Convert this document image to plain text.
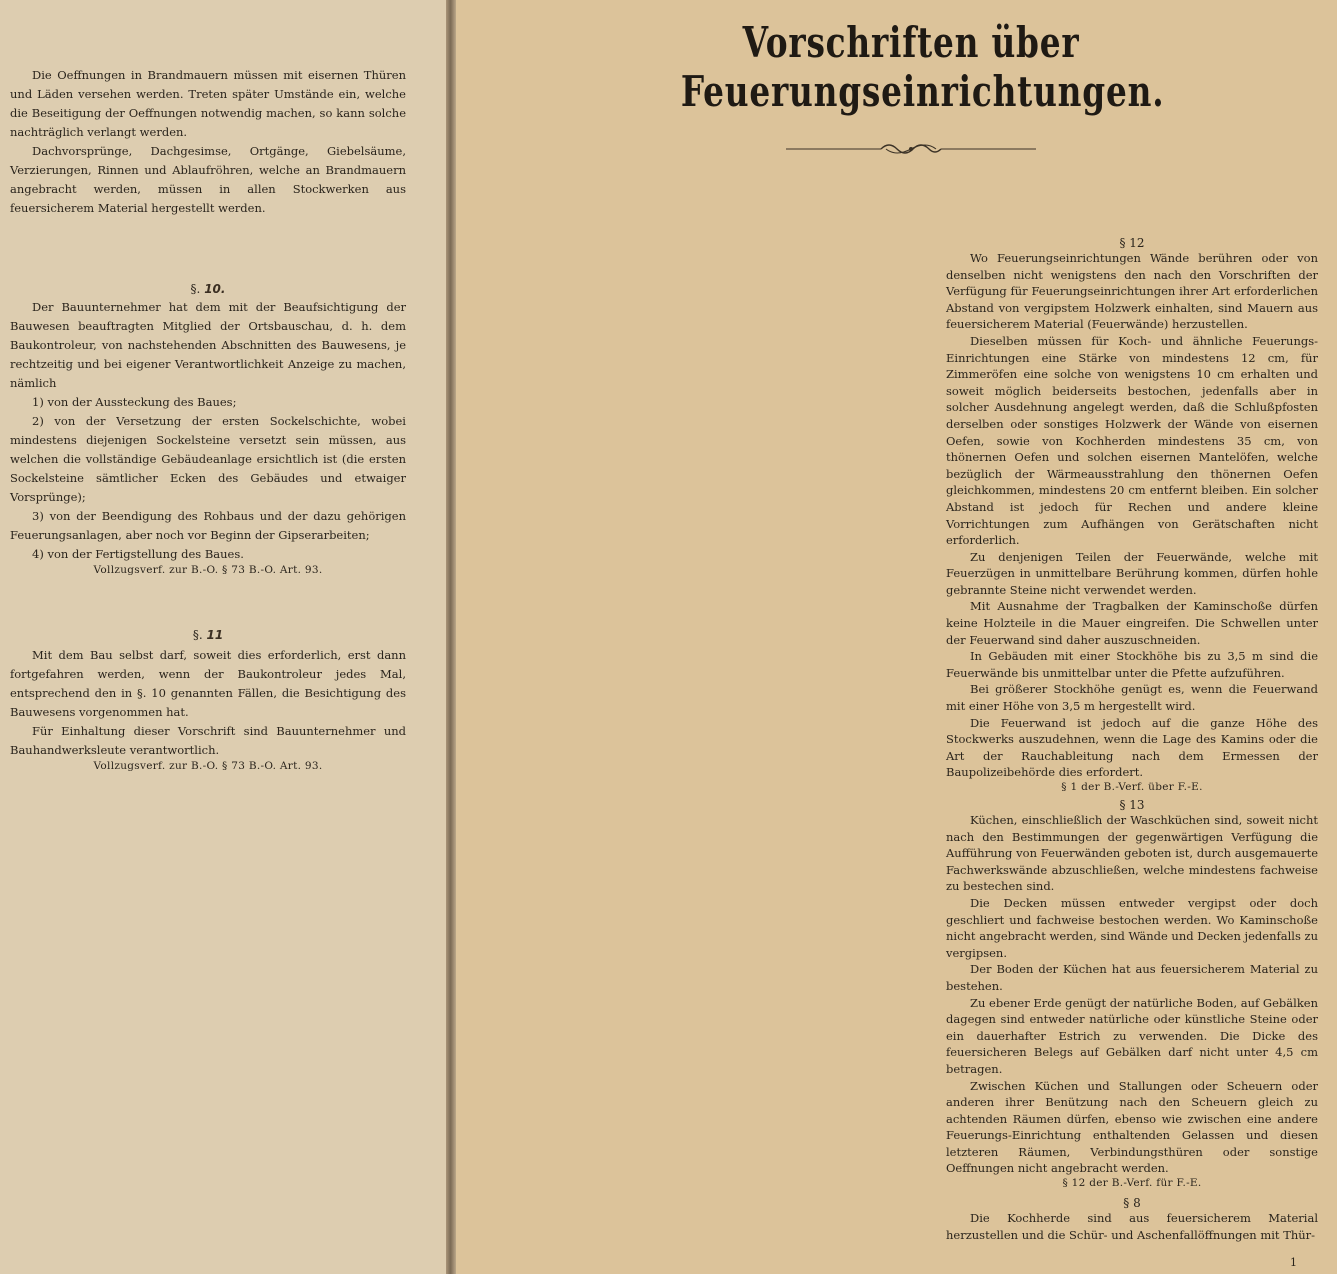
Die Oeffnungen in Brandmauern müssen mit eisernen Thüren und Läden versehen werden. Treten später Umstände ein, welche die Beseitigung der Oeffnungen notwendig machen, so kann solche nachträglich verlangt werden.

Dachvorsprünge, Dachgesimse, Ortgänge, Giebelsäume, Verzierungen, Rinnen und Ablaufröhren, welche an Brandmauern angebracht werden, müssen in allen Stockwerken aus feuersicherem Material hergestellt werden.

§. 10.

Der Bauunternehmer hat dem mit der Beaufsichtigung der Bauwesen beauftragten Mitglied der Ortsbauschau, d. h. dem Baukontroleur, von nachstehenden Abschnitten des Bauwesens, je rechtzeitig und bei eigener Verantwortlichkeit Anzeige zu machen, nämlich

1) von der Aussteckung des Baues;

2) von der Versetzung der ersten Sockelschichte, wobei mindestens diejenigen Sockelsteine versetzt sein müssen, aus welchen die vollständige Gebäudeanlage ersichtlich ist (die ersten Sockelsteine sämtlicher Ecken des Gebäudes und etwaiger Vorsprünge);

3) von der Beendigung des Rohbaus und der dazu gehörigen Feuerungsanlagen, aber noch vor Beginn der Gipserarbeiten;

4) von der Fertigstellung des Baues.

Vollzugsverf. zur B.-O. § 73 B.-O. Art. 93.

§. 11

Mit dem Bau selbst darf, soweit dies erforderlich, erst dann fortgefahren werden, wenn der Baukontroleur jedes Mal, entsprechend den in §. 10 genannten Fällen, die Besichtigung des Bauwesens vorgenommen hat.

Für Einhaltung dieser Vorschrift sind Bauunternehmer und Bauhandwerksleute verantwortlich.

Vollzugsverf. zur B.-O. § 73 B.-O. Art. 93.

Vorschriften über Feuerungseinrichtungen.

§ 12

Wo Feuerungseinrichtungen Wände berühren oder von denselben nicht wenigstens den nach den Vorschriften der Verfügung für Feuerungseinrichtungen ihrer Art erforderlichen Abstand von vergipstem Holzwerk einhalten, sind Mauern aus feuersicherem Material (Feuerwände) herzustellen.

Dieselben müssen für Koch- und ähnliche Feuerungs-Einrichtungen eine Stärke von mindestens 12 cm, für Zimmeröfen eine solche von wenigstens 10 cm erhalten und soweit möglich beiderseits bestochen, jedenfalls aber in solcher Ausdehnung angelegt werden, daß die Schlußpfosten derselben oder sonstiges Holzwerk der Wände von eisernen Oefen, sowie von Kochherden mindestens 35 cm, von thönernen Oefen und solchen eisernen Mantelöfen, welche bezüglich der Wärmeausstrahlung den thönernen Oefen gleichkommen, mindestens 20 cm entfernt bleiben. Ein solcher Abstand ist jedoch für Rechen und andere kleine Vorrichtungen zum Aufhängen von Gerätschaften nicht erforderlich.

Zu denjenigen Teilen der Feuerwände, welche mit Feuerzügen in unmittelbare Berührung kommen, dürfen hohle gebrannte Steine nicht verwendet werden.

Mit Ausnahme der Tragbalken der Kaminschoße dürfen keine Holzteile in die Mauer eingreifen. Die Schwellen unter der Feuerwand sind daher auszuschneiden.

In Gebäuden mit einer Stockhöhe bis zu 3,5 m sind die Feuerwände bis unmittelbar unter die Pfette aufzuführen.

Bei größerer Stockhöhe genügt es, wenn die Feuerwand mit einer Höhe von 3,5 m hergestellt wird.

Die Feuerwand ist jedoch auf die ganze Höhe des Stockwerks auszudehnen, wenn die Lage des Kamins oder die Art der Rauchableitung nach dem Ermessen der Baupolizeibehörde dies erfordert.

§ 1 der B.-Verf. über F.-E.

§ 13

Küchen, einschließlich der Waschküchen sind, soweit nicht nach den Bestimmungen der gegenwärtigen Verfügung die Aufführung von Feuerwänden geboten ist, durch ausgemauerte Fachwerkswände abzuschließen, welche mindestens fachweise zu bestechen sind.

Die Decken müssen entweder vergipst oder doch geschliert und fachweise bestochen werden. Wo Kaminschoße nicht angebracht werden, sind Wände und Decken jedenfalls zu vergipsen.

Der Boden der Küchen hat aus feuersicherem Material zu bestehen.

Zu ebener Erde genügt der natürliche Boden, auf Gebälken dagegen sind entweder natürliche oder künstliche Steine oder ein dauerhafter Estrich zu verwenden. Die Dicke des feuersicheren Belegs auf Gebälken darf nicht unter 4,5 cm betragen.

Zwischen Küchen und Stallungen oder Scheuern oder anderen ihrer Benützung nach den Scheuern gleich zu achtenden Räumen dürfen, ebenso wie zwischen eine andere Feuerungs-Einrichtung enthaltenden Gelassen und diesen letzteren Räumen, Verbindungsthüren oder sonstige Oeffnungen nicht angebracht werden.

§ 12 der B.-Verf. für F.-E.

§ 8

Die Kochherde sind aus feuersicherem Material herzustellen und die Schür- und Aschenfallöffnungen mit Thür-

1
